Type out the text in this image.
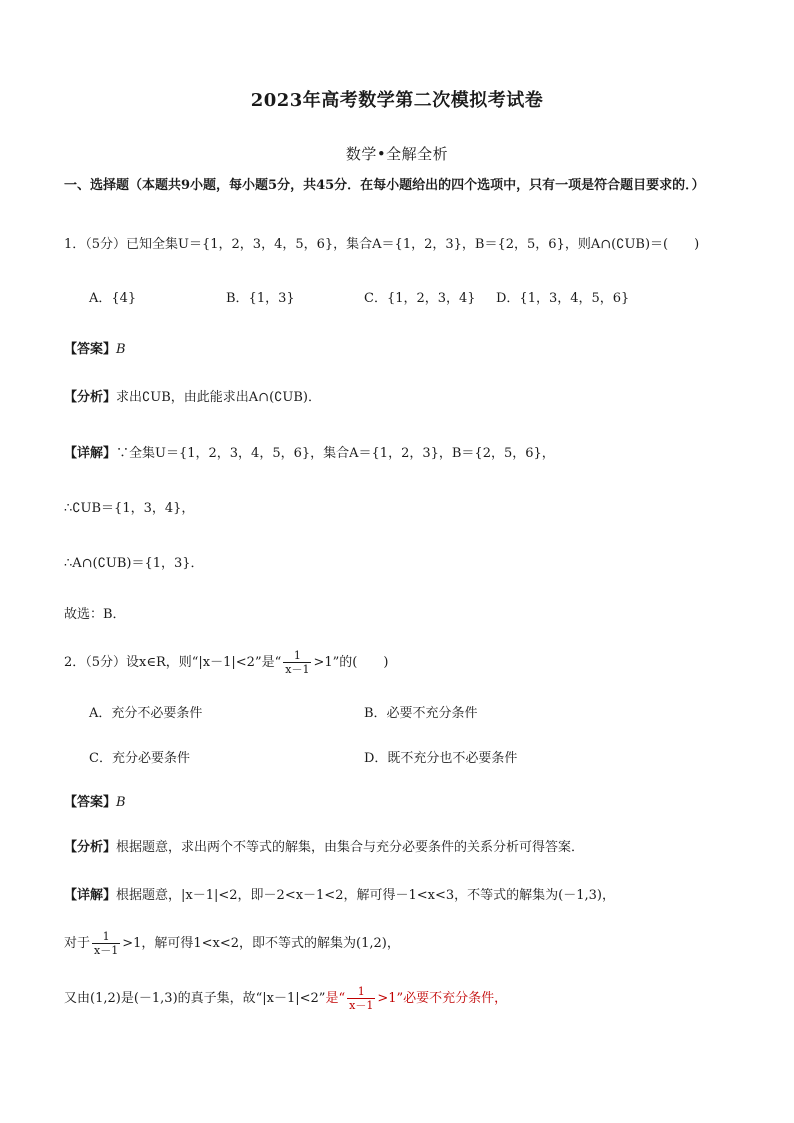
2023年高考数学第二次模拟考试卷
数学•全解全析
一、选择题（本题共9小题，每小题5分，共45分．在每小题给出的四个选项中，只有一项是符合题目要求的．）
1．（5分）已知全集U＝{1，2，3，4，5，6}，集合A＝{1，2，3}，B＝{2，5，6}，则A∩(∁UB)＝(　　)
A．{4}	B．{1，3}	C．{1，2，3，4} D．{1，3，4，5，6}
【答案】B
【分析】求出∁UB，由此能求出A∩(∁UB)．
【详解】∵全集U＝{1，2，3，4，5，6}，集合A＝{1，2，3}，B＝{2，5，6}，
∴∁UB＝{1，3，4}，
∴A∩(∁UB)＝{1，3}．
故选：B．
2．（5分）设x∈R，则“|x－1|<2”是“ $\frac{1}{x-1} >1$”的(　　)
A．充分不必要条件	B．必要不充分条件
C．充分必要条件	D．既不充分也不必要条件
【答案】B
【分析】根据题意，求出两个不等式的解集，由集合与充分必要条件的关系分析可得答案．
【详解】根据题意，|x－1|<2，即－2<x－1<2，解可得－1<x<3，不等式的解集为(－1,3)，
对于 $\frac{1}{x-1} >1$，解可得1<x<2，即不等式的解集为(1,2)，
又由(1,2)是(－1,3)的真子集，故“|x－1|<2”是“ $\frac{1}{x-1} >1$”必要不充分条件，
